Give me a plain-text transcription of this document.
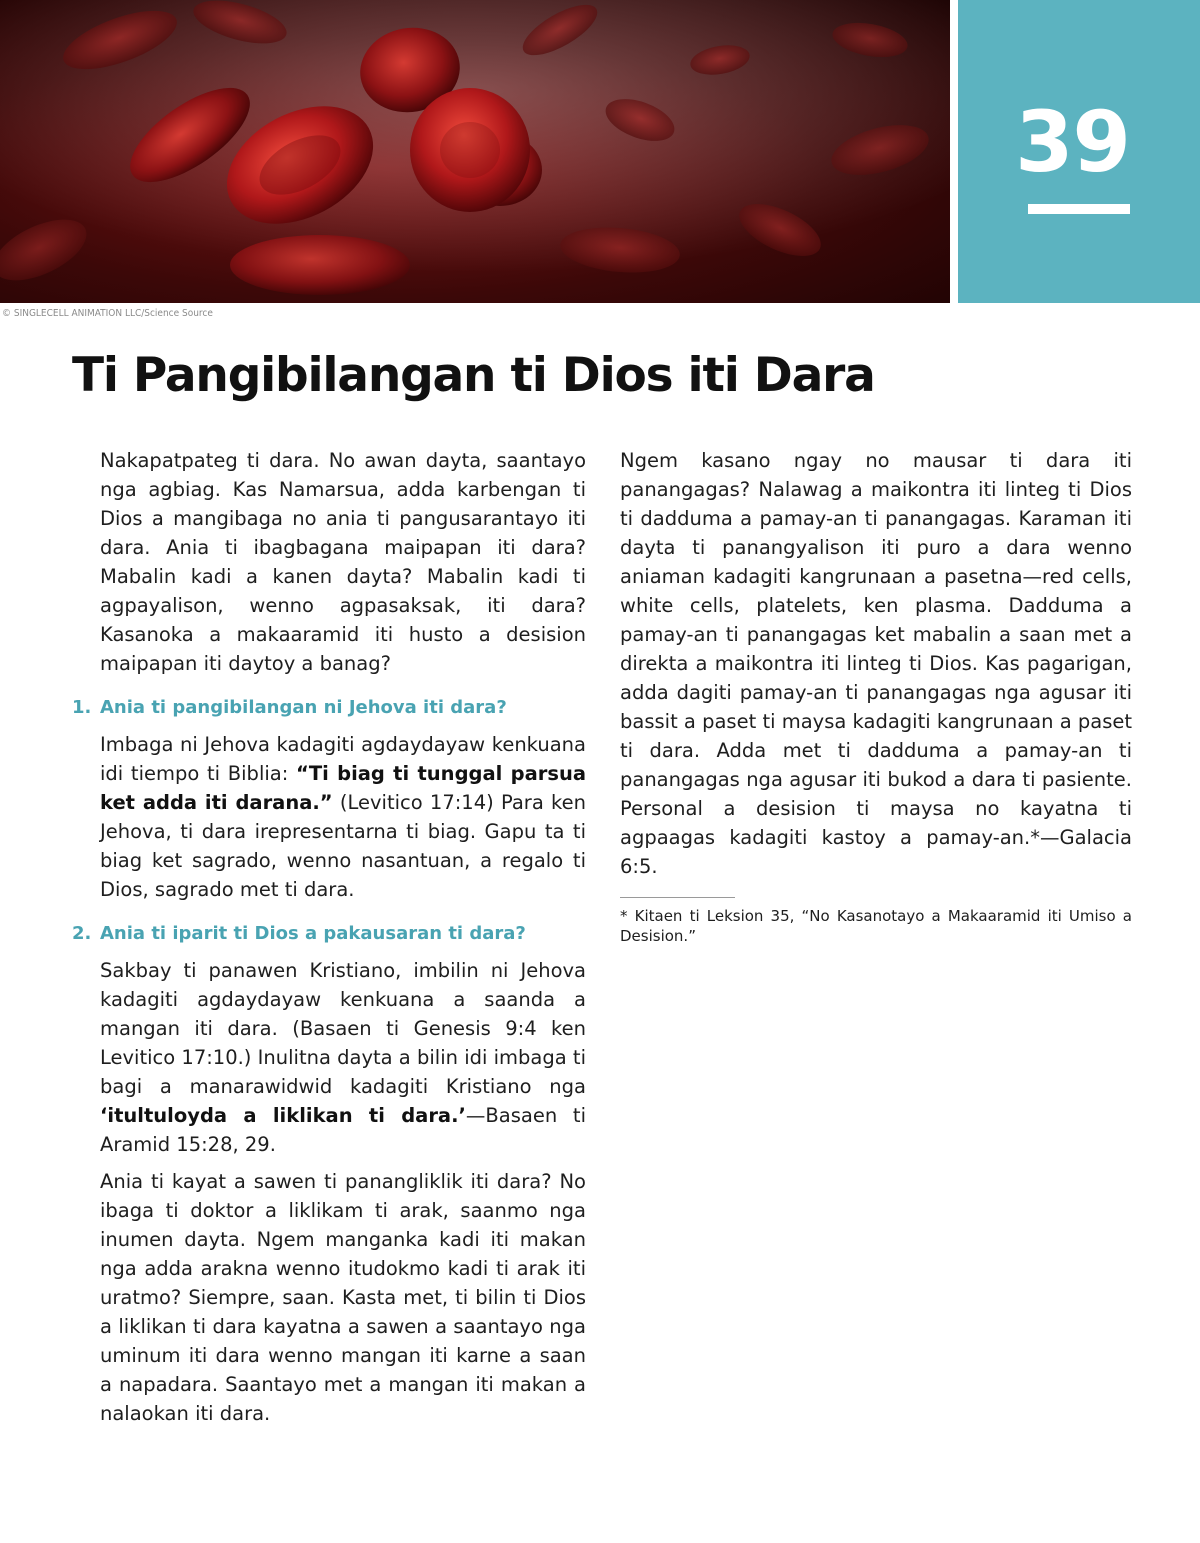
39
© SINGLECELL ANIMATION LLC/Science Source
Ti Pangibilangan ti Dios iti Dara

Nakapatpateg ti dara. No awan dayta, saantayo nga agbiag. Kas Namarsua, adda karbengan ti Dios a mangibaga no ania ti pangusarantayo iti dara. Ania ti ibagbagana maipapan iti dara? Mabalin kadi a kanen dayta? Mabalin kadi ti agpayalison, wenno agpasaksak, iti dara? Kasanoka a makaaramid iti husto a desision maipapan iti daytoy a banag?

1. Ania ti pangibilangan ni Jehova iti dara?

Imbaga ni Jehova kadagiti agdaydayaw kenkuana idi tiempo ti Biblia: “Ti biag ti tunggal parsua ket adda iti darana.” (Levitico 17:14) Para ken Jehova, ti dara irepresentarna ti biag. Gapu ta ti biag ket sagrado, wenno nasantuan, a regalo ti Dios, sagrado met ti dara.

2. Ania ti iparit ti Dios a pakausaran ti dara?

Sakbay ti panawen Kristiano, imbilin ni Jehova kadagiti agdaydayaw kenkuana a saanda a mangan iti dara. (Basaen ti Genesis 9:4 ken Levitico 17:10.) Inulitna dayta a bilin idi imbaga ti bagi a manarawidwid kadagiti Kristiano nga ‘itultuloyda a liklikan ti dara.’—Basaen ti Aramid 15:28, 29.

Ania ti kayat a sawen ti panangliklik iti dara? No ibaga ti doktor a liklikam ti arak, saanmo nga inumen dayta. Ngem manganka kadi iti makan nga adda arakna wenno itudokmo kadi ti arak iti uratmo? Siempre, saan. Kasta met, ti bilin ti Dios a liklikan ti dara kayatna a sawen a saantayo nga uminum iti dara wenno mangan iti karne a saan a napadara. Saantayo met a mangan iti makan a nalaokan iti dara.

Ngem kasano ngay no mausar ti dara iti panangagas? Nalawag a maikontra iti linteg ti Dios ti dadduma a pamay-an ti panangagas. Karaman iti dayta ti panangyalison iti puro a dara wenno aniaman kadagiti kangrunaan a pasetna—red cells, white cells, platelets, ken plasma. Dadduma a pamay-an ti panangagas ket mabalin a saan met a direkta a maikontra iti linteg ti Dios. Kas pagarigan, adda dagiti pamay-an ti panangagas nga agusar iti bassit a paset ti maysa kadagiti kangrunaan a paset ti dara. Adda met ti dadduma a pamay-an ti panangagas nga agusar iti bukod a dara ti pasiente. Personal a desision ti maysa no kayatna ti agpaagas kadagiti kastoy a pamay-an.*—Galacia 6:5.

* Kitaen ti Leksion 35, “No Kasanotayo a Makaaramid iti Umiso a Desision.”
